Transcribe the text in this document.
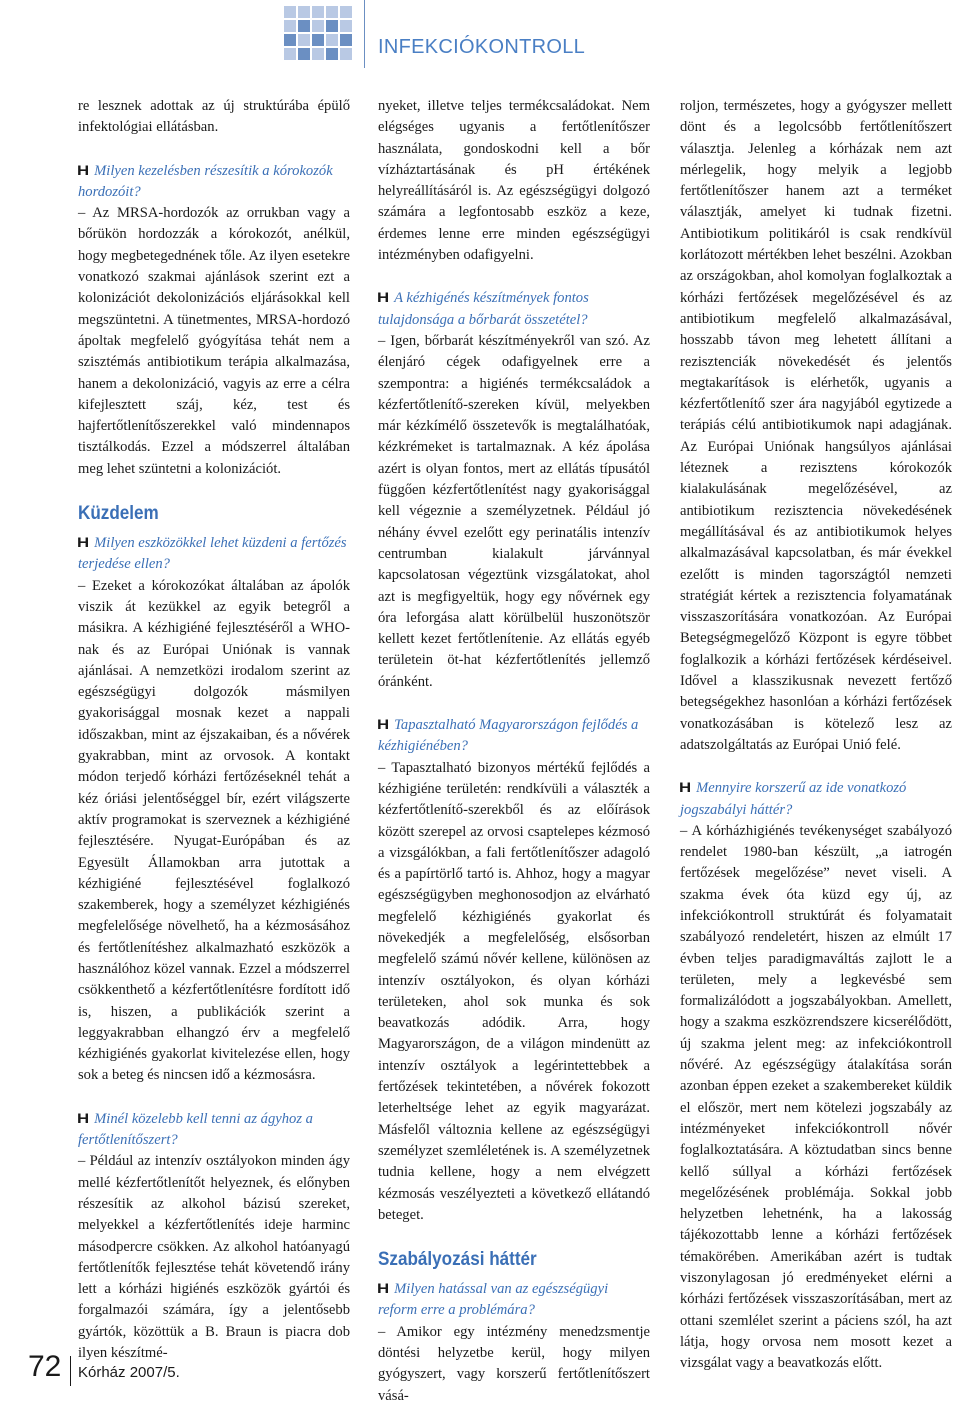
INFEKCIÓKONTROLL

re lesznek adottak az új struktúrába épülő infektológiai ellátásban.

H Milyen kezelésben részesítik a kórokozók hordozóit?

– Az MRSA-hordozók az orrukban vagy a bőrükön hordozzák a kórokozót, anélkül, hogy megbetegednének tőle. Az ilyen esetekre vonatkozó szakmai ajánlások szerint ezt a kolonizációt dekolonizációs eljárásokkal kell megszüntetni. A tünetmentes, MRSA-hordozó ápoltak megfelelő gyógyítása tehát nem a szisztémás antibiotikum terápia alkalmazása, hanem a dekolonizáció, vagyis az erre a célra kifejlesztett száj, kéz, test és hajfertőtlenítőszerekkel való mindennapos tisztálkodás. Ezzel a módszerrel általában meg lehet szüntetni a kolonizációt.

Küzdelem
H Milyen eszközökkel lehet küzdeni a fertőzés terjedése ellen?

– Ezeket a kórokozókat általában az ápolók viszik át kezükkel az egyik betegről a másikra. A kézhigiéné fejlesztéséről a WHO-nak és az Európai Uniónak is vannak ajánlásai. A nemzetközi irodalom szerint az egészségügyi dolgozók másmilyen gyakorisággal mosnak kezet a nappali időszakban, mint az éjszakaiban, és a nővérek gyakrabban, mint az orvosok. A kontakt módon terjedő kórházi fertőzéseknél tehát a kéz óriási jelentőséggel bír, ezért világszerte aktív programokat is szerveznek a kézhigiéné fejlesztésére. Nyugat-Európában és az Egyesült Államokban arra jutottak a kézhigiéné fejlesztésével foglalkozó szakemberek, hogy a személyzet kézhigiénés megfelelősége növelhető, ha a kézmosásához és fertőtlenítéshez alkalmazható eszközök a használóhoz közel vannak. Ezzel a módszerrel csökkenthető a kézfertőtlenítésre fordított idő is, hiszen, a publikációk szerint a leggyakrabban elhangzó érv a megfelelő kézhigiénés gyakorlat kivitelezése ellen, hogy sok a beteg és nincsen idő a kézmosásra.

H Minél közelebb kell tenni az ágyhoz a fertőtlenítőszert?

– Például az intenzív osztályokon minden ágy mellé kézfertőtlenítőt helyeznek, és előnyben részesítik az alkohol bázisú szereket, melyekkel a kézfertőtlenítés ideje harminc másodpercre csökken. Az alkohol hatóanyagú fertőtlenítők fejlesztése tehát követendő irány lett a kórházi higiénés eszközök gyártói és forgalmazói számára, így a jelentősebb gyártók, közöttük a B. Braun is piacra dob ilyen készítmé-

nyeket, illetve teljes termékcsaládokat. Nem elégséges ugyanis a fertőtlenítőszer használata, gondoskodni kell a bőr vízháztartásának és pH értékének helyreállításáról is. Az egészségügyi dolgozó számára a legfontosabb eszköz a keze, érdemes lenne erre minden egészségügyi intézményben odafigyelni.

H A kézhigénés készítmények fontos tulajdonsága a bőrbarát összetétel?

– Igen, bőrbarát készítményekről van szó. Az élenjáró cégek odafigyelnek erre a szempontra: a higiénés termékcsaládok a kézfertőtlenítő-szereken kívül, melyekben már kézkímélő összetevők is megtalálhatóak, kézkrémeket is tartalmaznak. A kéz ápolása azért is olyan fontos, mert az ellátás típusától függően kézfertőtlenítést nagy gyakorisággal kell végeznie a személyzetnek. Például jó néhány évvel ezelőtt egy perinatális intenzív centrumban kialakult járvánnyal kapcsolatosan végeztünk vizsgálatokat, ahol azt is megfigyeltük, hogy egy nővérnek egy óra leforgása alatt körülbelül huszonötször kellett kezet fertőtlenítenie. Az ellátás egyéb területein öt-hat kézfertőtlenítés jellemző óránként.

H Tapasztalható Magyarországon fejlődés a kézhigiénében?

– Tapasztalható bizonyos mértékű fejlődés a kézhigiéne területén: rendkívüli a választék a kézfertőtlenítő-szerekből és az előírások között szerepel az orvosi csaptelepes kézmosó a vizsgálókban, a fali fertőtlenítőszer adagoló és a papírtörlő tartó is. Ahhoz, hogy a magyar egészségügyben meghonosodjon az elvárható megfelelő kézhigiénés gyakorlat és növekedjék a megfelelőség, elsősorban megfelelő számú nővér kellene, különösen az intenzív osztályokon, és olyan kórházi területeken, ahol sok munka és sok beavatkozás adódik. Arra, hogy Magyarországon, de a világon mindenütt az intenzív osztályok a legérintettebbek a fertőzések tekintetében, a nővérek fokozott leterheltsége lehet az egyik magyarázat. Másfelől változnia kellene az egészségügyi személyzet szemléletének is. A személyzetnek tudnia kellene, hogy a nem elvégzett kézmosás veszélyezteti a következő ellátandó beteget.

Szabályozási háttér
H Milyen hatással van az egészségügyi reform erre a problémára?

– Amikor egy intézmény menedzsmentje döntési helyzetbe kerül, hogy milyen gyógyszert, vagy korszerű fertőtlenítőszert vásá-

roljon, természetes, hogy a gyógyszer mellett dönt és a legolcsóbb fertőtlenítőszert választja. Jelenleg a kórházak nem azt mérlegelik, hogy melyik a legjobb fertőtlenítőszer hanem azt a terméket választják, amelyet ki tudnak fizetni. Antibiotikum politikáról is csak rendkívül korlátozott mértékben lehet beszélni. Azokban az országokban, ahol komolyan foglalkoztak a kórházi fertőzések megelőzésével és az antibiotikum megfelelő alkalmazásával, hosszabb távon meg lehetett állítani a rezisztenciák növekedését és jelentős megtakarítások is elérhetők, ugyanis a kézfertőtlenítő szer ára nagyjából egytizede a terápiás célú antibiotikumok napi adagjának. Az Európai Uniónak hangsúlyos ajánlásai léteznek a rezisztens kórokozók kialakulásának megelőzésével, az antibiotikum rezisztencia növekedésének megállításával és az antibiotikumok helyes alkalmazásával kapcsolatban, és már évekkel ezelőtt is minden tagországtól nemzeti stratégiát kértek a rezisztencia folyamatának visszaszorítására vonatkozóan. Az Európai Betegségmegelőző Központ is egyre többet foglalkozik a kórházi fertőzések kérdéseivel. Idővel a klasszikusnak nevezett fertőző betegségekhez hasonlóan a kórházi fertőzések vonatkozásában is kötelező lesz az adatszolgáltatás az Európai Unió felé.

H Mennyire korszerű az ide vonatkozó jogszabályi háttér?

– A kórházhigiénés tevékenységet szabályozó rendelet 1980-ban készült, „a iatrogén fertőzések megelőzése” nevet viseli. A szakma évek óta küzd egy új, az infekciókontroll struktúrát és folyamatait szabályozó rendeletért, hiszen az elmúlt 17 évben teljes paradigmaváltás zajlott le a területen, mely a legkevésbé sem formalizálódott a jogszabályokban. Amellett, hogy a szakma eszközrendszere kicserélődött, új szakma jelent meg: az infekciókontroll nővéré. Az egészségügy átalakítása során azonban éppen ezeket a szakembereket küldik el először, mert nem kötelezi jogszabály az intézményeket infekciókontroll nővér foglalkoztatására. A köztudatban sincs benne kellő súllyal a kórházi fertőzések megelőzésének problémája. Sokkal jobb helyzetben lehetnénk, ha a lakosság tájékozottabb lenne a kórházi fertőzések témakörében. Amerikában azért is tudtak viszonylagosan jó eredményeket elérni a kórházi fertőzések visszaszorításában, mert az ottani szemlélet szerint a páciens szól, ha azt látja, hogy orvosa nem mosott kezet a vizsgálat vagy a beavatkozás előtt.

72 Kórház 2007/5.
